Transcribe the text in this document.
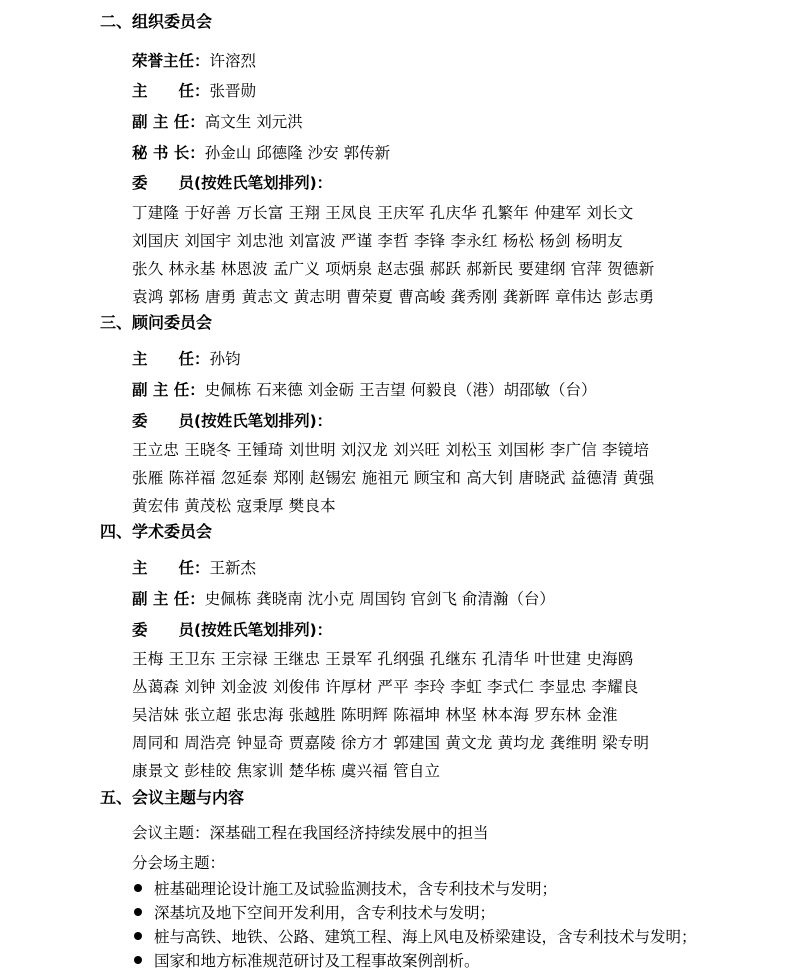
二、组织委员会
荣誉主任：许溶烈
主　　任：张晋勋
副 主 任：高文生 刘元洪
秘 书 长：孙金山 邱德隆 沙安 郭传新
委　　员(按姓氏笔划排列)：
丁建隆 于好善 万长富 王翔 王凤良 王庆军 孔庆华 孔繁年 仲建军 刘长文
刘国庆 刘国宇 刘忠池 刘富波 严谨 李哲 李锋 李永红 杨松 杨剑 杨明友
张久 林永基 林恩波 孟广义 项炳泉 赵志强 郝跃 郝新民 要建纲 官萍 贺德新
袁鸿 郭杨 唐勇 黄志文 黄志明 曹荣夏 曹高峻 龚秀刚 龚新晖 章伟达 彭志勇
三、顾问委员会
主　　任：孙钧
副 主 任：史佩栋 石来德 刘金砺 王吉望 何毅良（港）胡邵敏（台）
委　　员(按姓氏笔划排列)：
王立忠 王晓冬 王锺琦 刘世明 刘汉龙 刘兴旺 刘松玉 刘国彬 李广信 李镜培
张雁 陈祥福 忽延泰 郑刚 赵锡宏 施祖元 顾宝和 高大钊 唐晓武 益德清 黄强
黄宏伟 黄茂松 寇秉厚 樊良本
四、学术委员会
主　　任：王新杰
副 主 任：史佩栋 龚晓南 沈小克 周国钧 官剑飞 俞清瀚（台）
委　　员(按姓氏笔划排列)：
王梅 王卫东 王宗禄 王继忠 王景军 孔纲强 孔继东 孔清华 叶世建 史海鸥
丛蔼森 刘钟 刘金波 刘俊伟 许厚材 严平 李玲 李虹 李式仁 李显忠 李耀良
吴洁妹 张立超 张忠海 张越胜 陈明辉 陈福坤 林坚 林本海 罗东林 金淮
周同和 周浩亮 钟显奇 贾嘉陵 徐方才 郭建国 黄文龙 黄均龙 龚维明 梁专明
康景文 彭桂皎 焦家训 楚华栋 虞兴福 管自立
五、会议主题与内容
会议主题：深基础工程在我国经济持续发展中的担当
分会场主题：
桩基础理论设计施工及试验监测技术，含专利技术与发明；
深基坑及地下空间开发利用，含专利技术与发明；
桩与高铁、地铁、公路、建筑工程、海上风电及桥梁建设，含专利技术与发明；
国家和地方标准规范研讨及工程事故案例剖析。
